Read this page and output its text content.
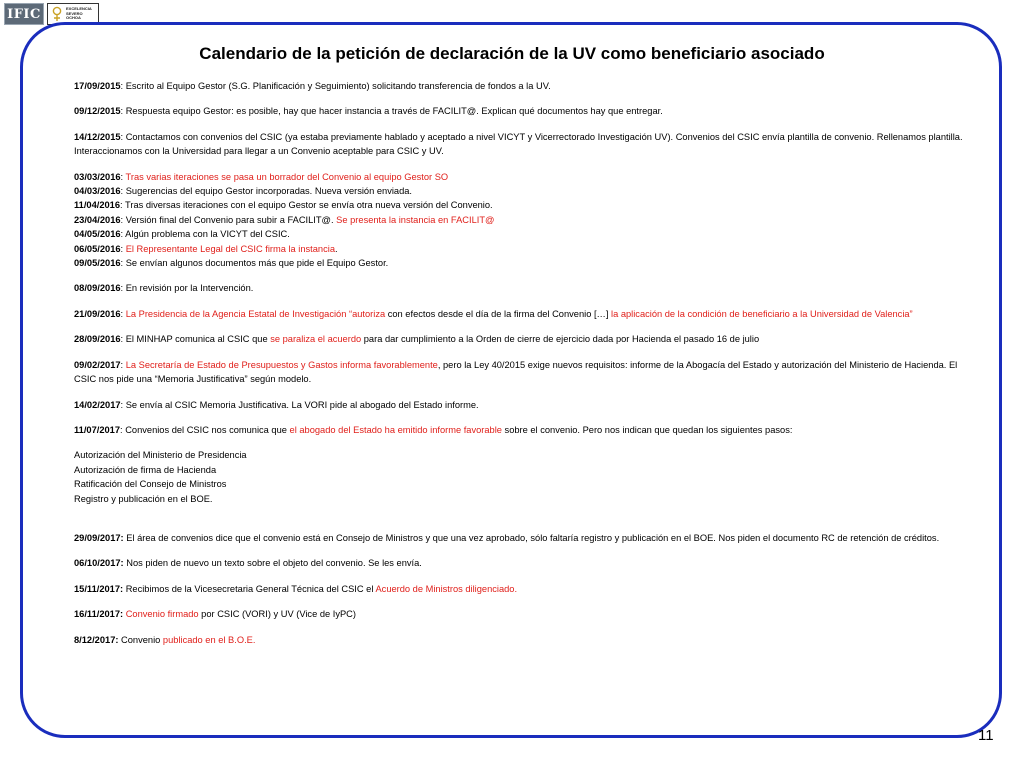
IFIC	EXCELENCIA
SEVERO
OCHOA
Calendario de la petición de declaración de la UV como beneficiario asociado

17/09/2015: Escrito al Equipo Gestor (S.G. Planificación y Seguimiento) solicitando transferencia de fondos a la UV.

09/12/2015: Respuesta equipo Gestor: es posible, hay que hacer instancia a través de FACILIT@. Explican qué documentos hay que entregar.

14/12/2015: Contactamos con convenios del CSIC (ya estaba previamente hablado y aceptado a nivel VICYT y Vicerrectorado Investigación UV). Convenios del CSIC envía plantilla de convenio. Rellenamos plantilla. Interaccionamos con la Universidad para llegar a un Convenio aceptable para CSIC y UV.

03/03/2016: Tras varias iteraciones se pasa un borrador del Convenio al equipo Gestor SO
04/03/2016: Sugerencias del equipo Gestor incorporadas. Nueva versión enviada.
11/04/2016: Tras diversas iteraciones con el equipo Gestor se envía otra nueva versión del Convenio.
23/04/2016: Versión final del Convenio para subir a FACILIT@. Se presenta la instancia en FACILIT@
04/05/2016: Algún problema con la VICYT del CSIC.
06/05/2016: El Representante Legal del CSIC firma la instancia.
09/05/2016: Se envían algunos documentos más que pide el Equipo Gestor.

08/09/2016: En revisión por la Intervención.

21/09/2016: La Presidencia de la Agencia Estatal de Investigación “autoriza con efectos desde el día de la firma del Convenio […] la aplicación de la condición de beneficiario a la Universidad de Valencia”

28/09/2016: El MINHAP comunica al CSIC que se paraliza el acuerdo para dar cumplimiento a la Orden de cierre de ejercicio dada por Hacienda el pasado 16 de julio

09/02/2017: La Secretaría de Estado de Presupuestos y Gastos informa favorablemente, pero la Ley 40/2015 exige nuevos requisitos: informe de la Abogacía del Estado y autorización del Ministerio de Hacienda. El CSIC nos pide una “Memoria Justificativa” según modelo.

14/02/2017: Se envía al CSIC Memoria Justificativa. La VORI pide al abogado del Estado informe.

11/07/2017: Convenios del CSIC nos comunica que el abogado del Estado ha emitido informe favorable sobre el convenio. Pero nos indican que quedan los siguientes pasos:

Autorización del Ministerio de Presidencia
Autorización de firma de Hacienda
Ratificación del Consejo de Ministros
Registro y publicación en el BOE.

29/09/2017: El área de convenios dice que el convenio está en Consejo de Ministros y que una vez aprobado, sólo faltaría registro y publicación en el BOE. Nos piden el documento RC de retención de créditos.

06/10/2017: Nos piden de nuevo un texto sobre el objeto del convenio. Se les envía.

15/11/2017: Recibimos de la Vicesecretaria General Técnica del CSIC el Acuerdo de Ministros diligenciado.

16/11/2017: Convenio firmado por CSIC (VORI) y UV (Vice de IyPC)

8/12/2017: Convenio publicado en el B.O.E.

11
